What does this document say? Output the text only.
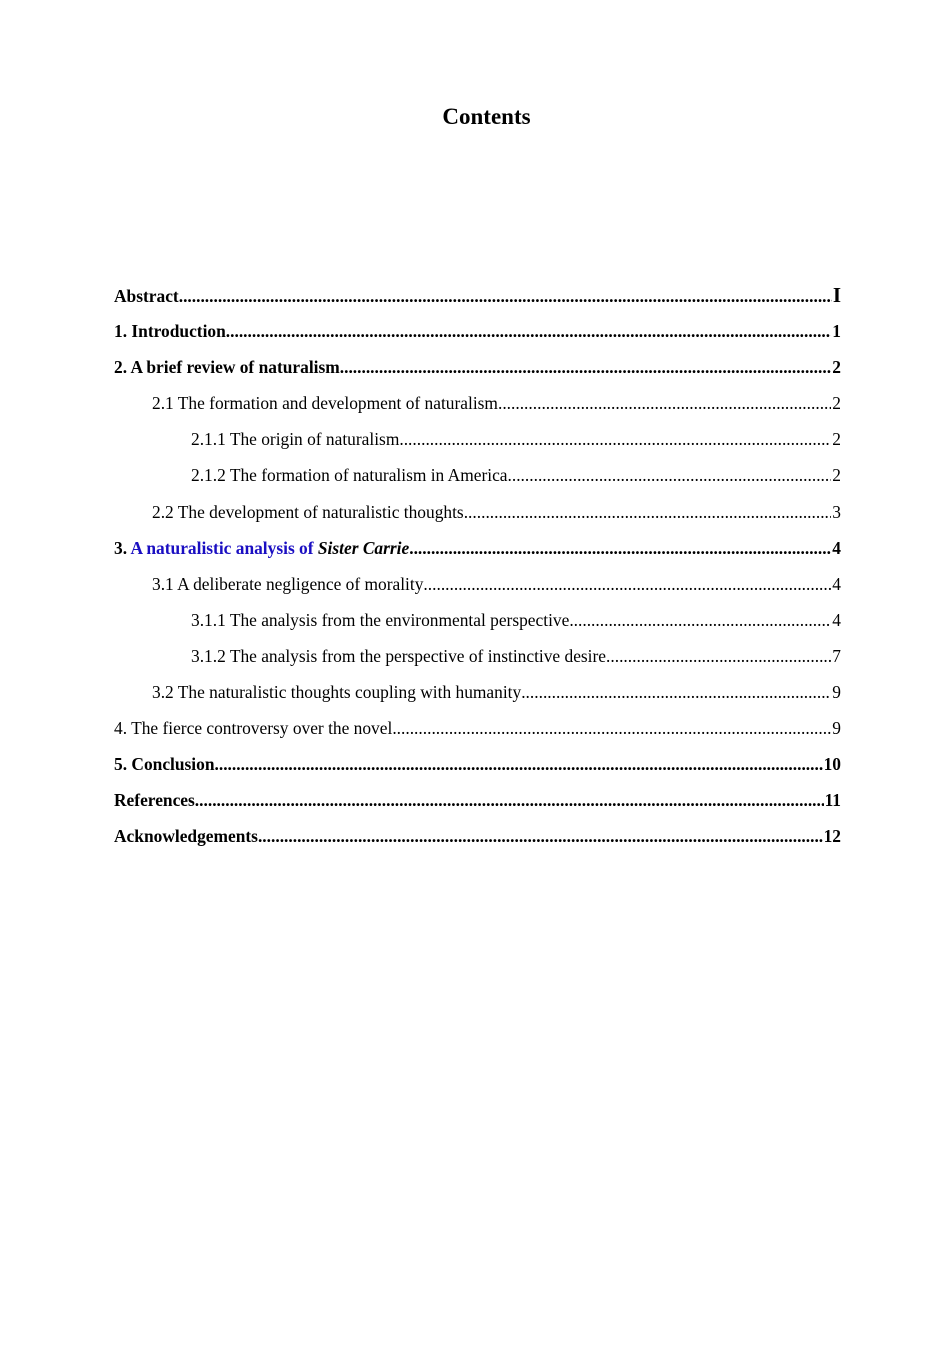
Contents
Abstract .....	I
1. Introduction .....	1
2. A brief review of naturalism .....	2
2.1 The formation and development of naturalism .....	2
2.1.1 The origin of naturalism .....	2
2.1.2 The formation of naturalism in America .....	2
2.2 The development of naturalistic thoughts .....	3
3. A naturalistic analysis of Sister Carrie .....	4
3.1 A deliberate negligence of morality .....	4
3.1.1 The analysis from the environmental perspective .....	4
3.1.2 The analysis from the perspective of instinctive desire .....	7
3.2 The naturalistic thoughts coupling with humanity .....	9
4. The fierce controversy over the novel .....	9
5. Conclusion .....	10
References .....	11
Acknowledgements .....	12
